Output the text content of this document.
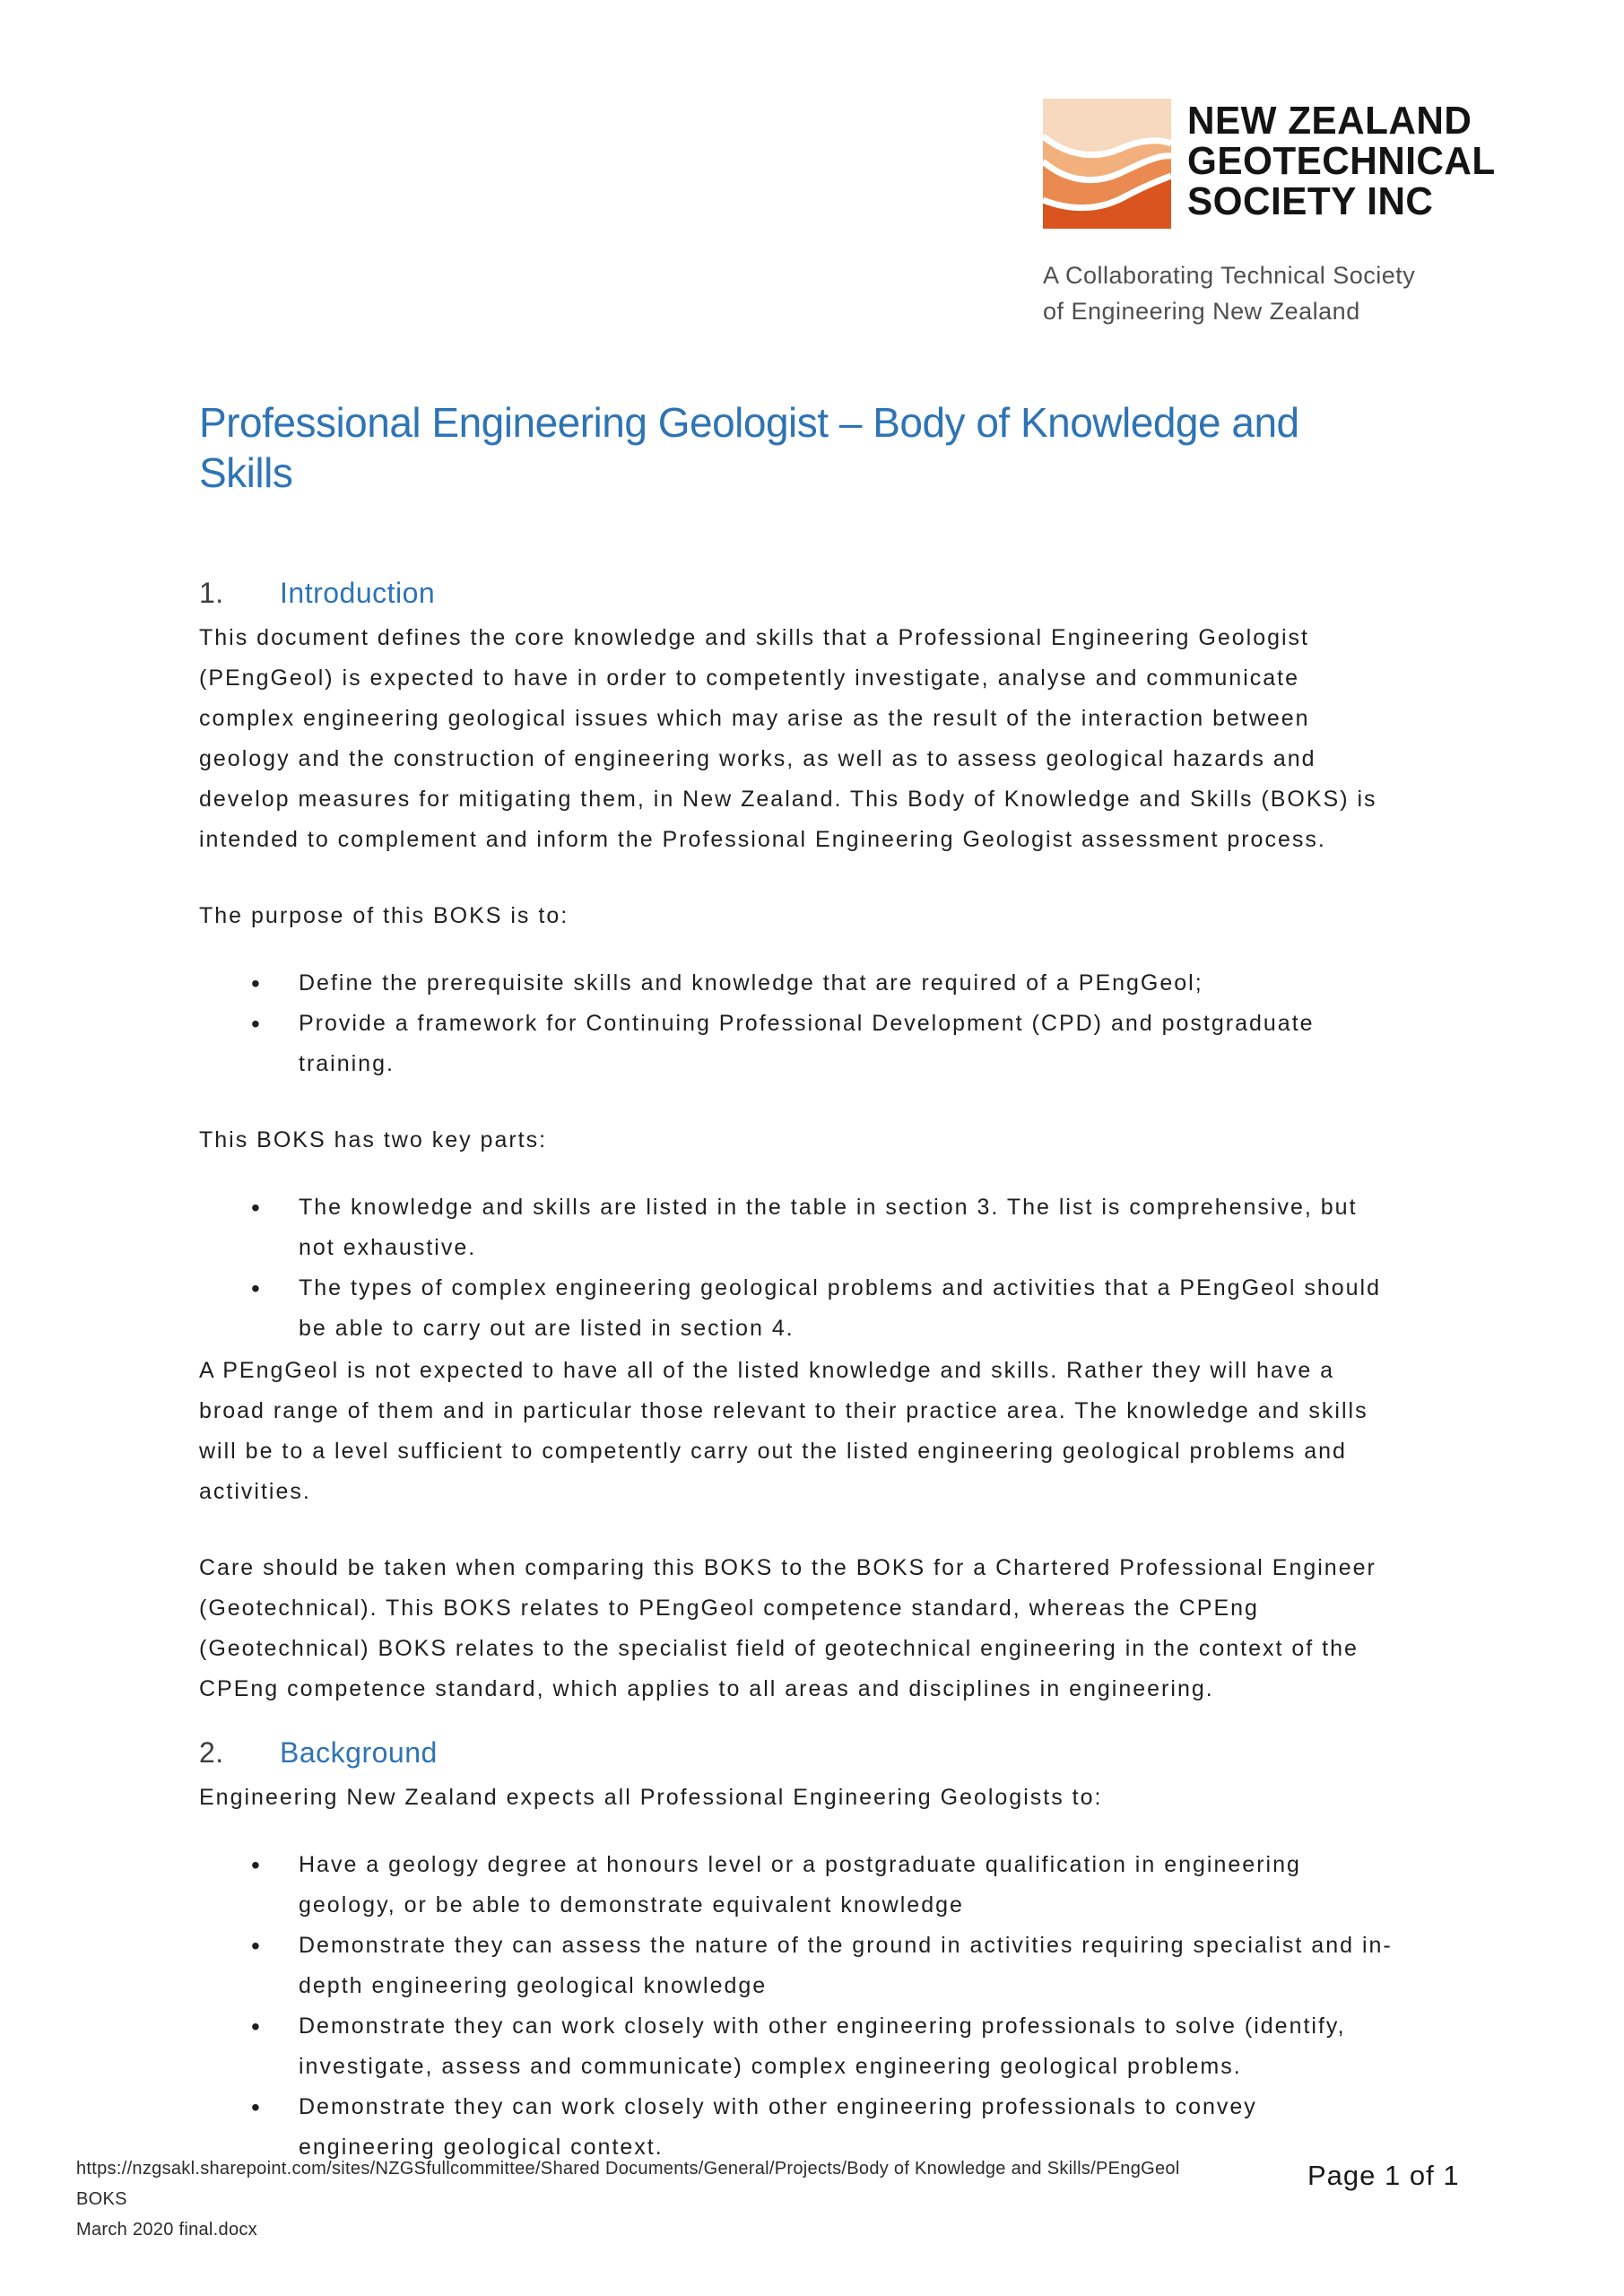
NEW ZEALAND
GEOTECHNICAL
SOCIETY INC
A Collaborating Technical Society
of Engineering New Zealand
Professional Engineering Geologist – Body of Knowledge and Skills
1.	Introduction

This document defines the core knowledge and skills that a Professional Engineering Geologist (PEngGeol) is expected to have in order to competently investigate, analyse and communicate complex engineering geological issues which may arise as the result of the interaction between geology and the construction of engineering works, as well as to assess geological hazards and develop measures for mitigating them, in New Zealand. This Body of Knowledge and Skills (BOKS) is intended to complement and inform the Professional Engineering Geologist assessment process.

The purpose of this BOKS is to:

• Define the prerequisite skills and knowledge that are required of a PEngGeol;
• Provide a framework for Continuing Professional Development (CPD) and postgraduate training.

This BOKS has two key parts:

• The knowledge and skills are listed in the table in section 3. The list is comprehensive, but not exhaustive.
• The types of complex engineering geological problems and activities that a PEngGeol should be able to carry out are listed in section 4.

A PEngGeol is not expected to have all of the listed knowledge and skills. Rather they will have a broad range of them and in particular those relevant to their practice area. The knowledge and skills will be to a level sufficient to competently carry out the listed engineering geological problems and activities.

Care should be taken when comparing this BOKS to the BOKS for a Chartered Professional Engineer (Geotechnical). This BOKS relates to PEngGeol competence standard, whereas the CPEng (Geotechnical) BOKS relates to the specialist field of geotechnical engineering in the context of the CPEng competence standard, which applies to all areas and disciplines in engineering.

2.	Background

Engineering New Zealand expects all Professional Engineering Geologists to:

• Have a geology degree at honours level or a postgraduate qualification in engineering geology, or be able to demonstrate equivalent knowledge
• Demonstrate they can assess the nature of the ground in activities requiring specialist and in-depth engineering geological knowledge
• Demonstrate they can work closely with other engineering professionals to solve (identify, investigate, assess and communicate) complex engineering geological problems.
• Demonstrate they can work closely with other engineering professionals to convey engineering geological context.
https://nzgsakl.sharepoint.com/sites/NZGSfullcommittee/Shared Documents/General/Projects/Body of Knowledge and Skills/PEngGeol BOKS
March 2020 final.docx
Page 1 of 1
